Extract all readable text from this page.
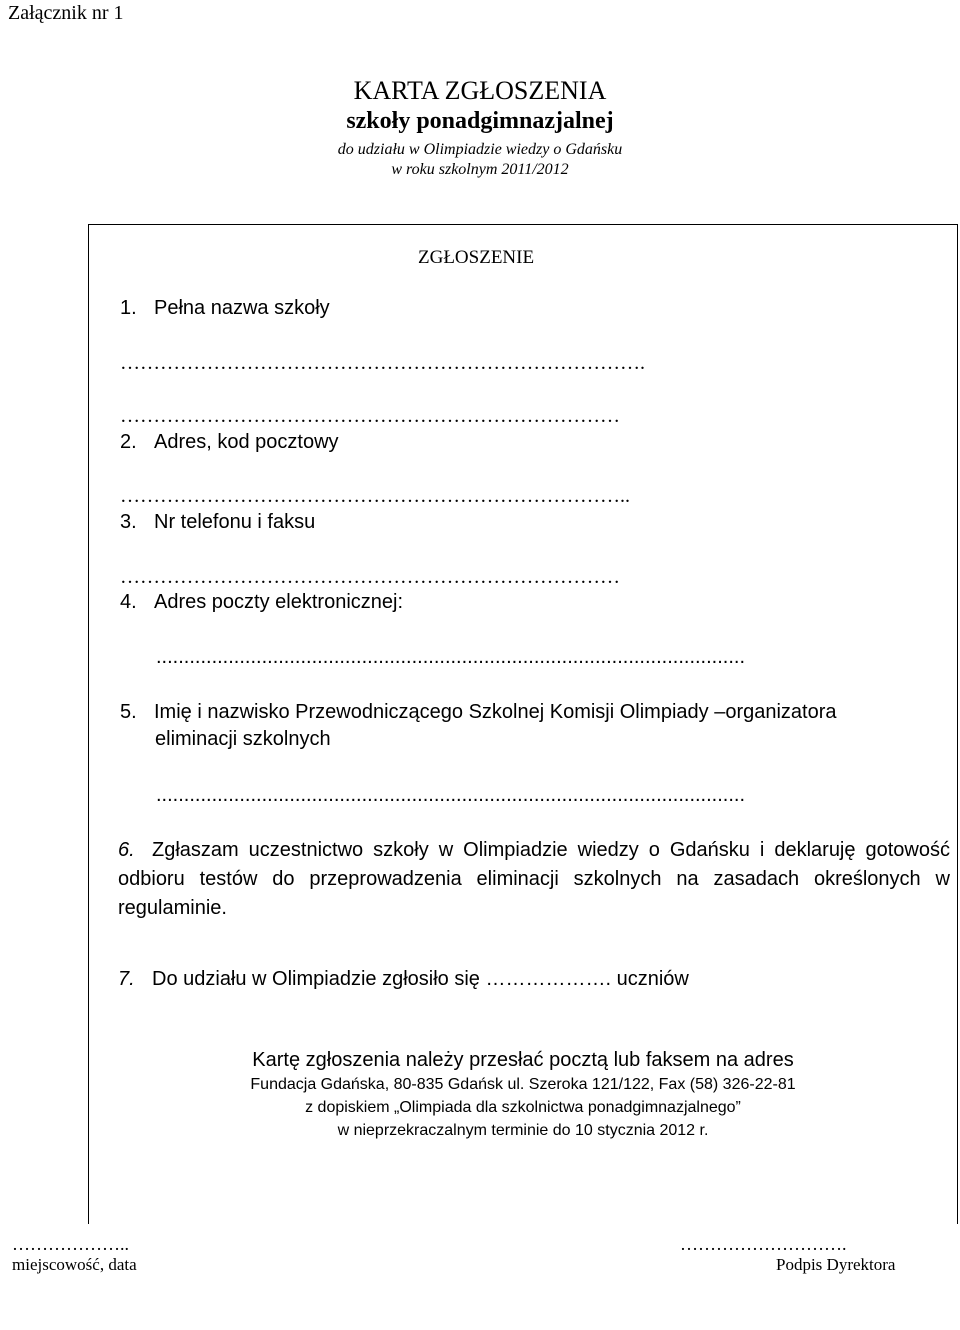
Załącznik nr 1
KARTA ZGŁOSZENIA
szkoły ponadgimnazjalnej
do udziału w Olimpiadzie wiedzy o Gdańsku
w roku szkolnym 2011/2012
ZGŁOSZENIE
1. Pełna nazwa szkoły
…………………………………………………………………….
…………………………………………………………………
2. Adres, kod pocztowy
…………………………………………………………………..
3. Nr telefonu i faksu
…………………………………………………………………
4. Adres poczty elektronicznej:
..........................................................................................................
5. Imię i nazwisko Przewodniczącego Szkolnej Komisji Olimpiady –organizatora
eliminacji szkolnych
..........................................................................................................
6. Zgłaszam uczestnictwo szkoły w Olimpiadzie wiedzy o Gdańsku i deklaruję gotowość odbioru testów do przeprowadzenia eliminacji szkolnych na zasadach określonych w regulaminie.
7. Do udziału w Olimpiadzie zgłosiło się ………………. uczniów
Kartę zgłoszenia należy przesłać pocztą lub faksem na adres
Fundacja Gdańska, 80-835 Gdańsk ul. Szeroka 121/122, Fax (58) 326-22-81
z dopiskiem „Olimpiada dla szkolnictwa ponadgimnazjalnego”
w nieprzekraczalnym terminie do 10 stycznia 2012 r.
………………..
miejscowość, data
……………………….
Podpis Dyrektora
